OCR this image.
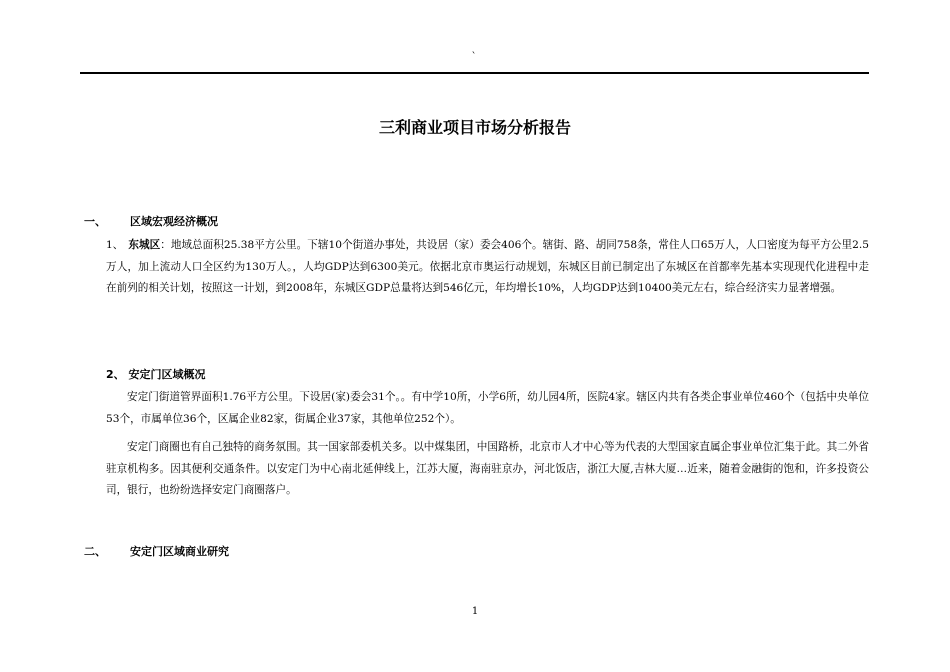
`
三利商业项目市场分析报告
一、 区域宏观经济概况

1、 东城区：地域总面积25.38平方公里。下辖10个街道办事处，共设居（家）委会406个。辖街、路、胡同758条，常住人口65万人，人口密度为每平方公里2.5万人，加上流动人口全区约为130万人。，人均GDP达到6300美元。依据北京市奥运行动规划，东城区目前已制定出了东城区在首都率先基本实现现代化进程中走在前列的相关计划，按照这一计划，到2008年，东城区GDP总量将达到546亿元，年均增长10%，人均GDP达到10400美元左右，综合经济实力显著增强。

2、 安定门区域概况

安定门街道管界面积1.76平方公里。下设居(家)委会31个。。有中学10所，小学6所，幼儿园4所，医院4家。辖区内共有各类企事业单位460个（包括中央单位53个，市属单位36个，区属企业82家，街属企业37家，其他单位252个）。

安定门商圈也有自己独特的商务氛围。其一国家部委机关多。以中煤集团，中国路桥，北京市人才中心等为代表的大型国家直属企事业单位汇集于此。其二外省驻京机构多。因其便利交通条件。以安定门为中心南北延伸线上，江苏大厦，海南驻京办，河北饭店，浙江大厦,吉林大厦…近来，随着金融街的饱和，许多投资公司，银行，也纷纷选择安定门商圈落户。

二、 安定门区域商业研究
1
